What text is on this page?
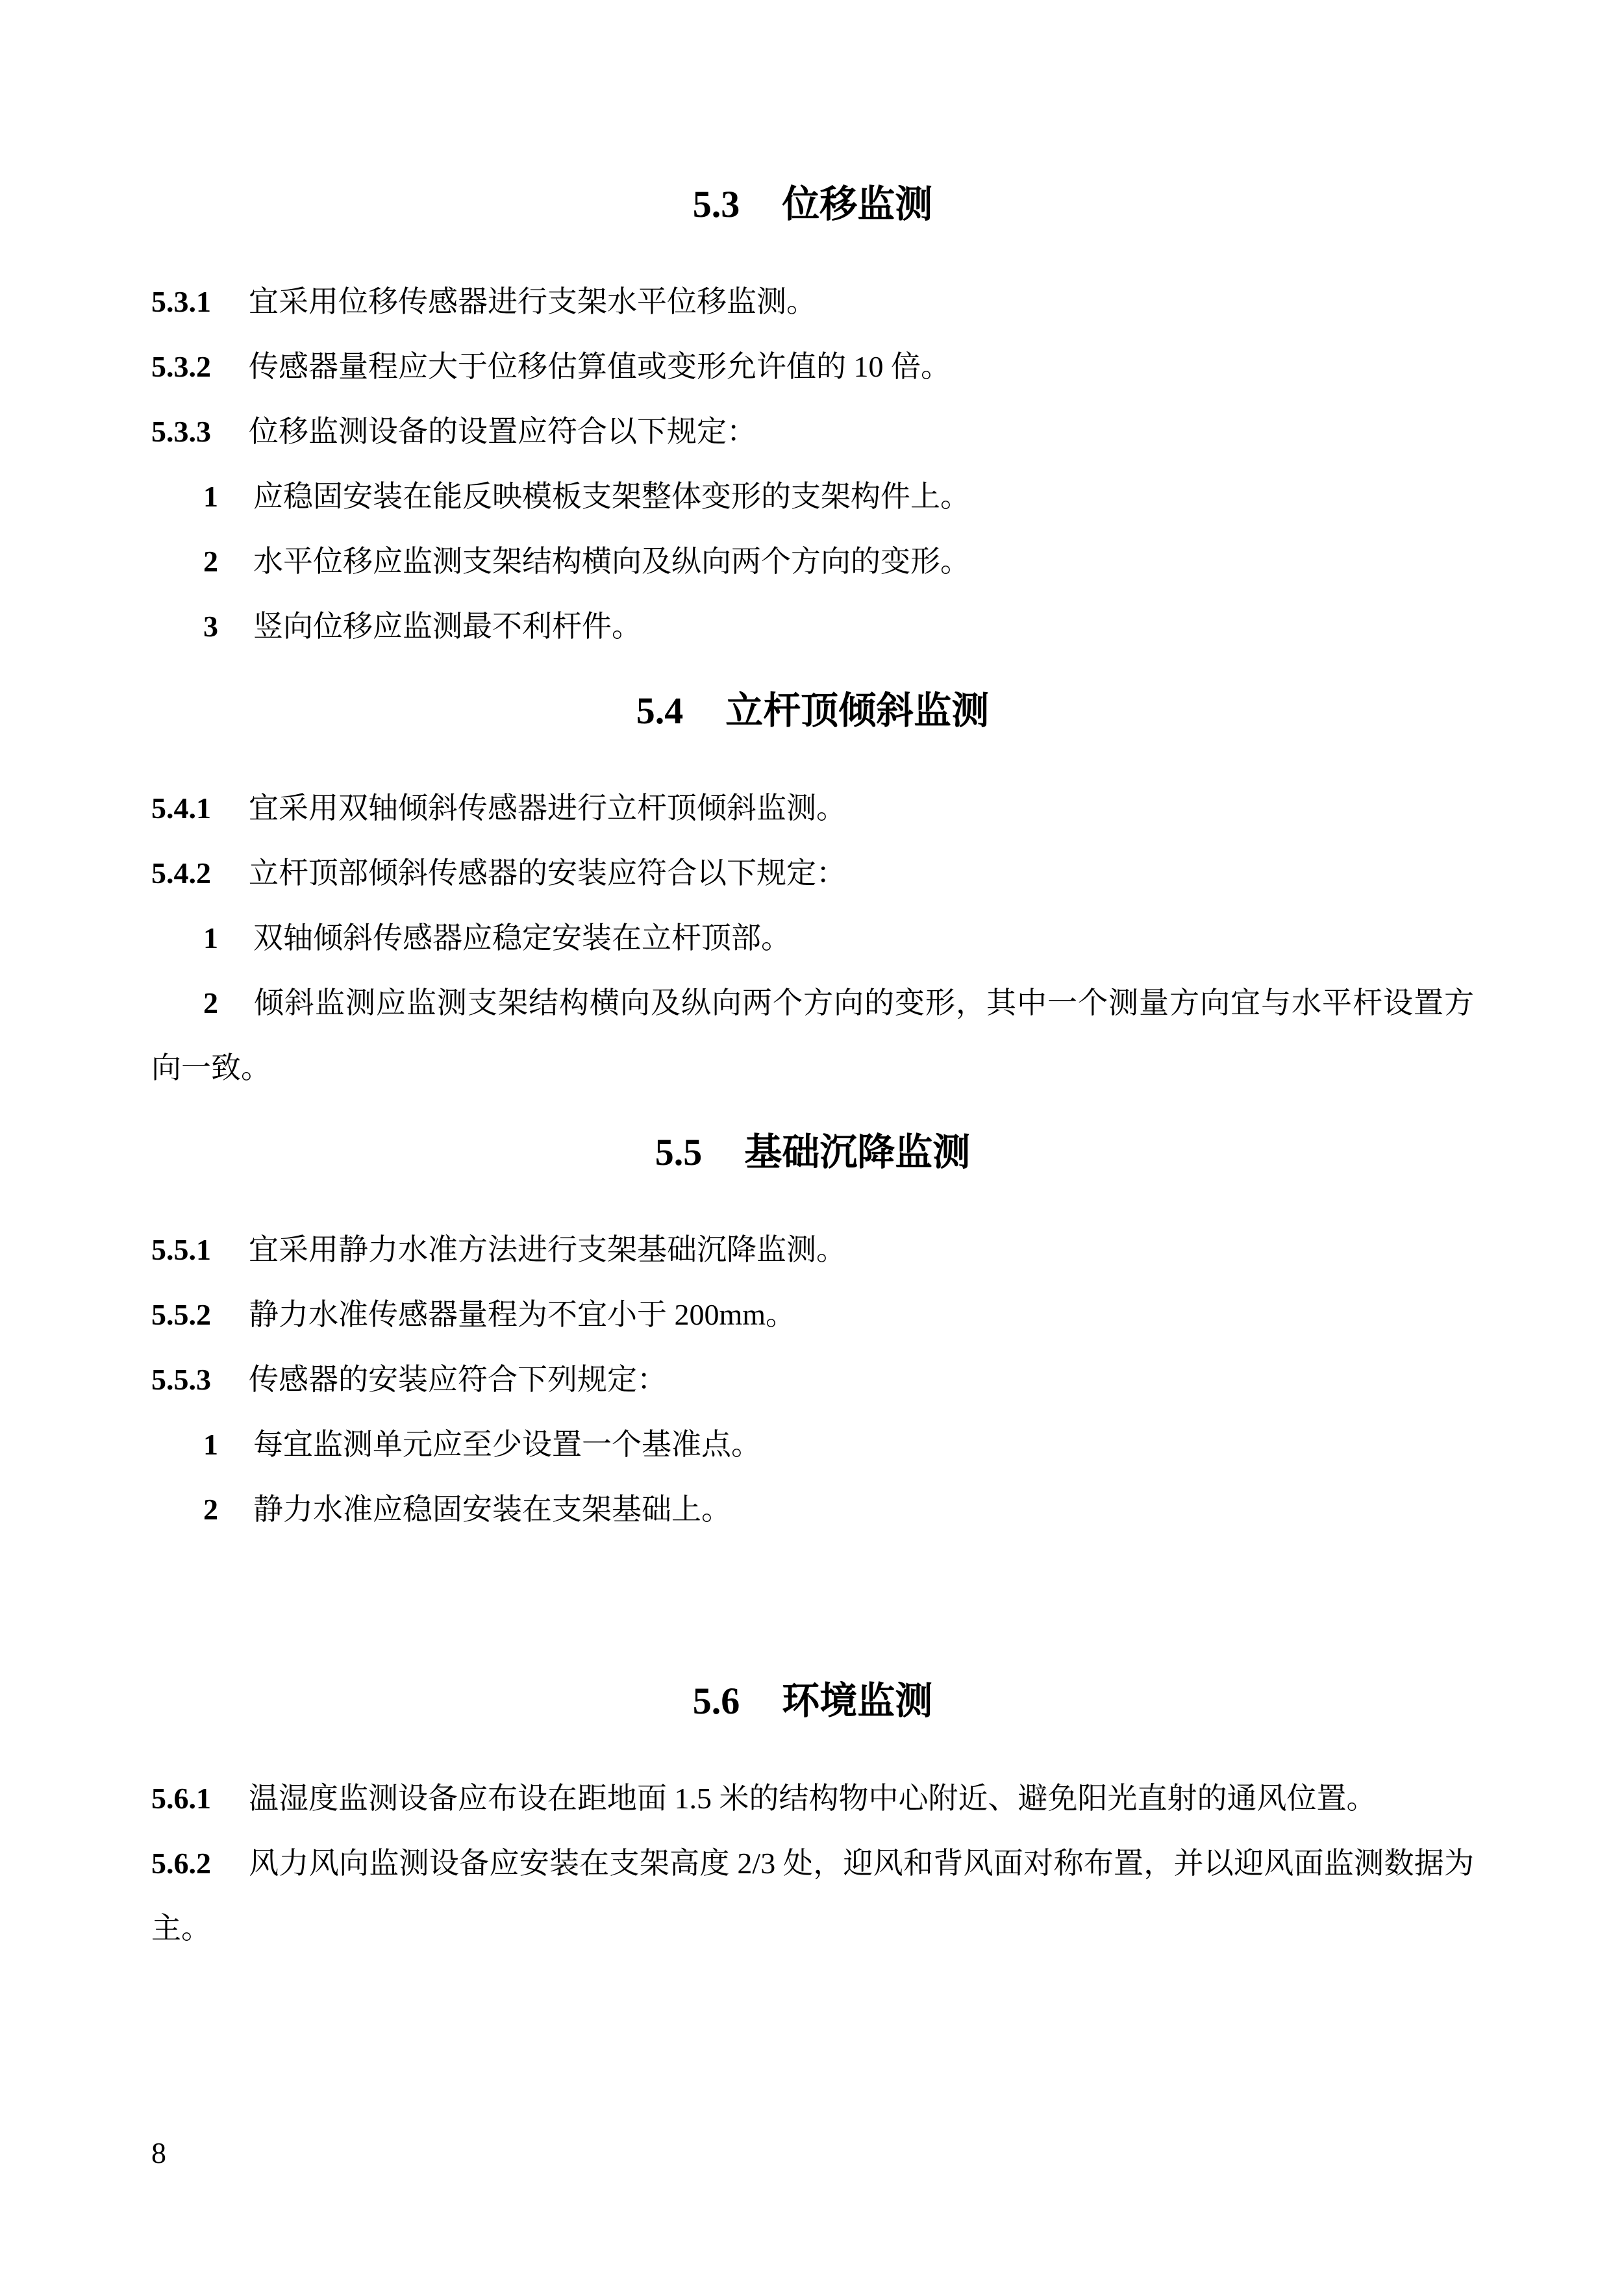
5.3 位移监测

5.3.1 宜采用位移传感器进行支架水平位移监测。

5.3.2 传感器量程应大于位移估算值或变形允许值的 10 倍。

5.3.3 位移监测设备的设置应符合以下规定：

1 应稳固安装在能反映模板支架整体变形的支架构件上。

2 水平位移应监测支架结构横向及纵向两个方向的变形。

3 竖向位移应监测最不利杆件。

5.4 立杆顶倾斜监测

5.4.1 宜采用双轴倾斜传感器进行立杆顶倾斜监测。

5.4.2 立杆顶部倾斜传感器的安装应符合以下规定：

1 双轴倾斜传感器应稳定安装在立杆顶部。

2 倾斜监测应监测支架结构横向及纵向两个方向的变形，其中一个测量方向宜与水平杆设置方向一致。

5.5 基础沉降监测

5.5.1 宜采用静力水准方法进行支架基础沉降监测。

5.5.2 静力水准传感器量程为不宜小于 200mm。

5.5.3 传感器的安装应符合下列规定：

1 每宜监测单元应至少设置一个基准点。

2 静力水准应稳固安装在支架基础上。

5.6 环境监测

5.6.1 温湿度监测设备应布设在距地面 1.5 米的结构物中心附近、避免阳光直射的通风位置。

5.6.2 风力风向监测设备应安装在支架高度 2/3 处，迎风和背风面对称布置，并以迎风面监测数据为主。

8
